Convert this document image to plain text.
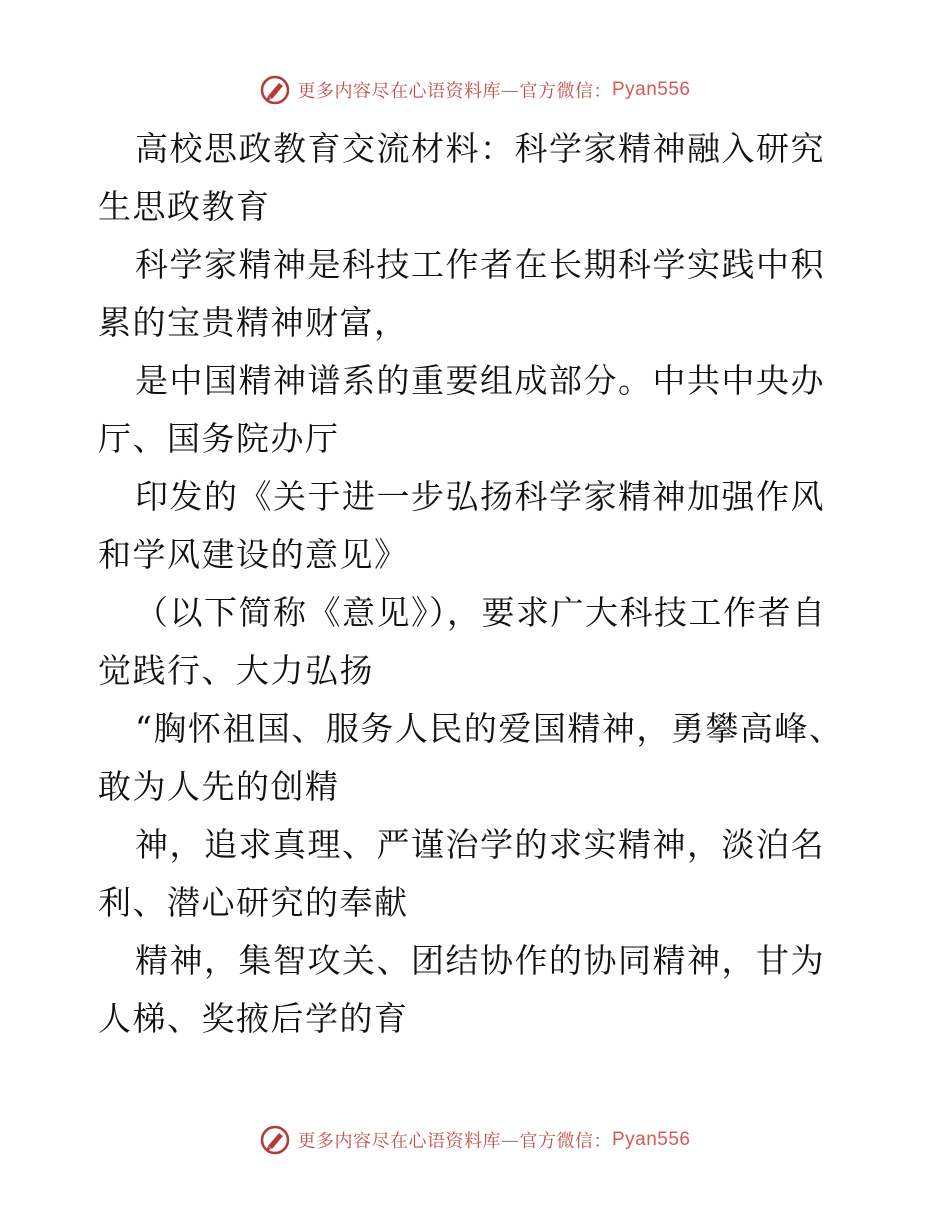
更多内容尽在心语资料库 — 官方微信： Pyan556

高校思政教育交流材料：科学家精神融入研究生思政教育

科学家精神是科技工作者在长期科学实践中积累的宝贵精神财富，

是中国精神谱系的重要组成部分。中共中央办厅、国务院办厅

印发的《关于进一步弘扬科学家精神加强作风和学风建设的意见》

（以下简称《意见》），要求广大科技工作者自觉践行、大力弘扬

“胸怀祖国、服务人民的爱国精神，勇攀高峰、敢为人先的创精

神，追求真理、严谨治学的求实精神，淡泊名利、潜心研究的奉献

精神，集智攻关、团结协作的协同精神，甘为人梯、奖掖后学的育

更多内容尽在心语资料库 — 官方微信： Pyan556
